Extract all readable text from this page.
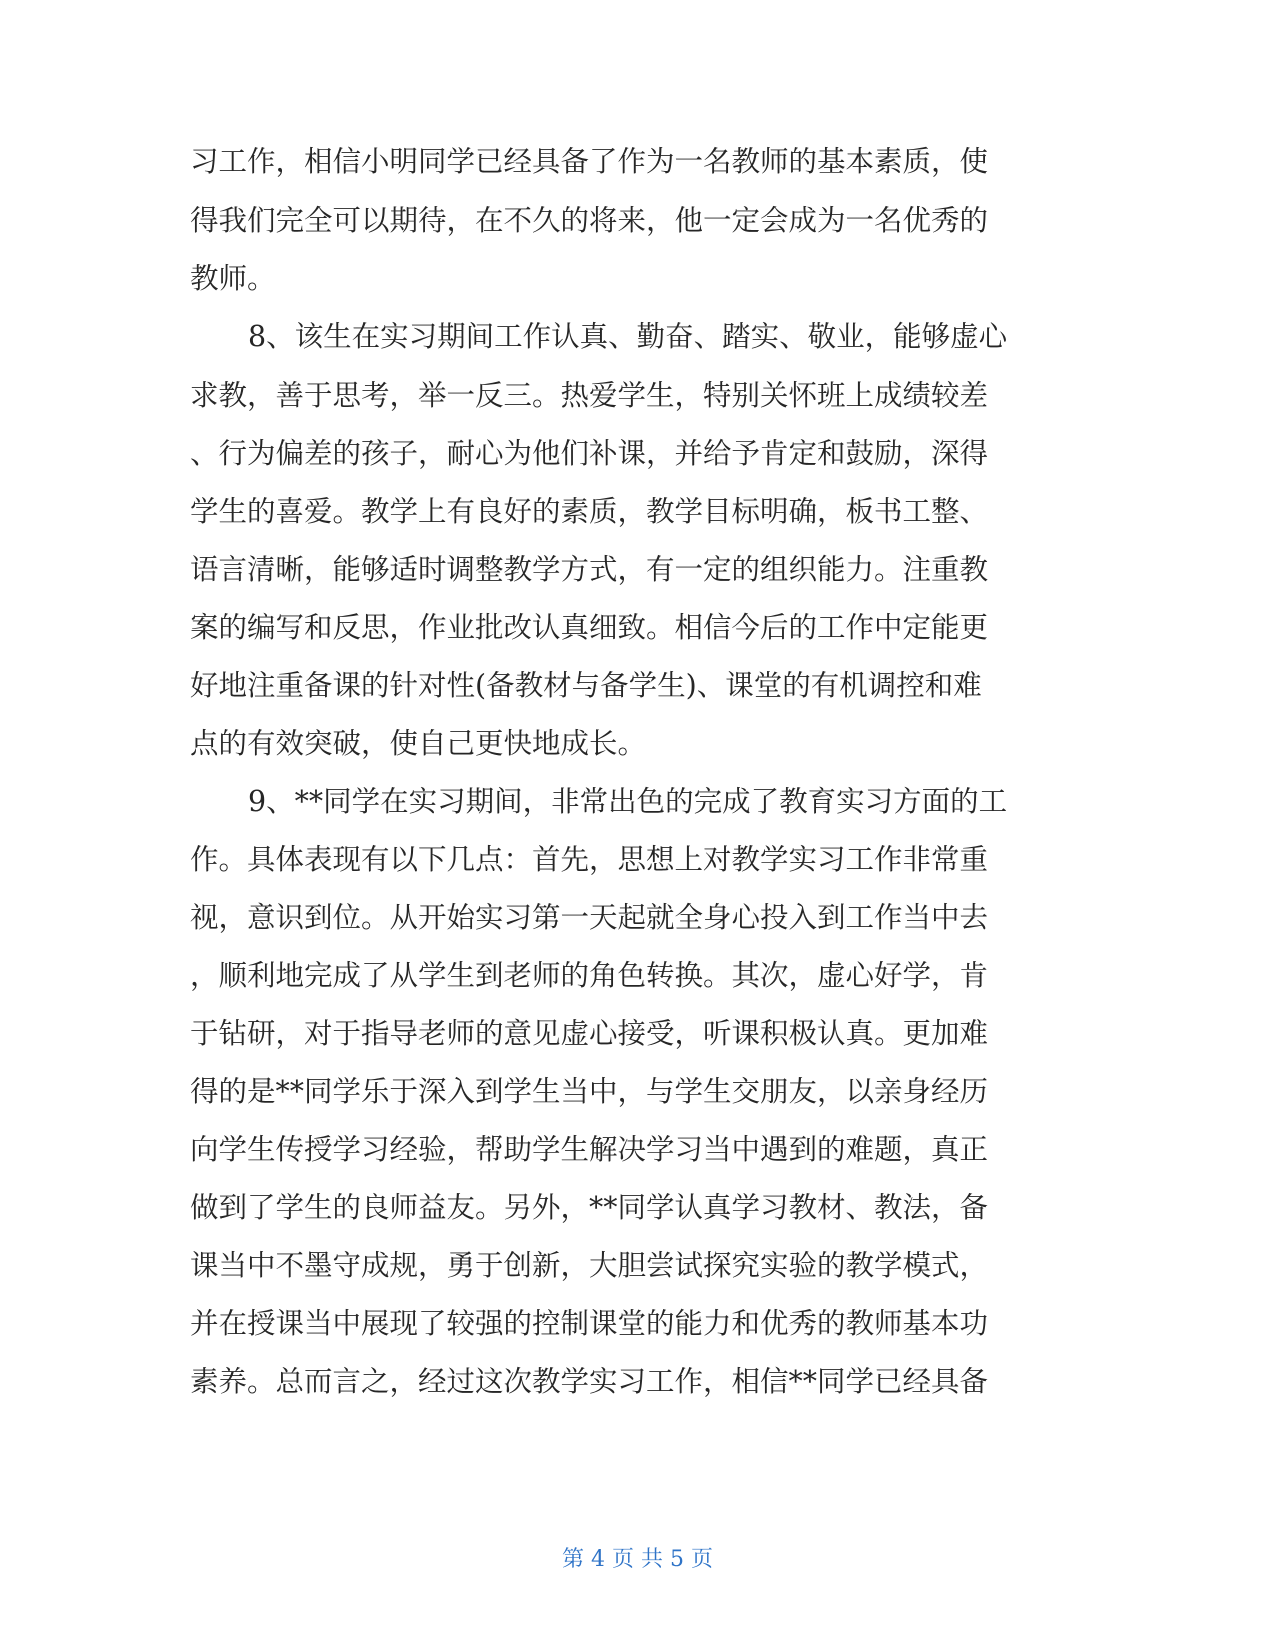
习工作，相信小明同学已经具备了作为一名教师的基本素质，使
得我们完全可以期待，在不久的将来，他一定会成为一名优秀的
教师。
8、该生在实习期间工作认真、勤奋、踏实、敬业，能够虚心
求教，善于思考，举一反三。热爱学生，特别关怀班上成绩较差
、行为偏差的孩子，耐心为他们补课，并给予肯定和鼓励，深得
学生的喜爱。教学上有良好的素质，教学目标明确，板书工整、
语言清晰，能够适时调整教学方式，有一定的组织能力。注重教
案的编写和反思，作业批改认真细致。相信今后的工作中定能更
好地注重备课的针对性(备教材与备学生)、课堂的有机调控和难
点的有效突破，使自己更快地成长。
9、**同学在实习期间，非常出色的完成了教育实习方面的工
作。具体表现有以下几点：首先，思想上对教学实习工作非常重
视，意识到位。从开始实习第一天起就全身心投入到工作当中去
，顺利地完成了从学生到老师的角色转换。其次，虚心好学，肯
于钻研，对于指导老师的意见虚心接受，听课积极认真。更加难
得的是**同学乐于深入到学生当中，与学生交朋友，以亲身经历
向学生传授学习经验，帮助学生解决学习当中遇到的难题，真正
做到了学生的良师益友。另外，**同学认真学习教材、教法，备
课当中不墨守成规，勇于创新，大胆尝试探究实验的教学模式，
并在授课当中展现了较强的控制课堂的能力和优秀的教师基本功
素养。总而言之，经过这次教学实习工作，相信**同学已经具备
第 4 页 共 5 页
